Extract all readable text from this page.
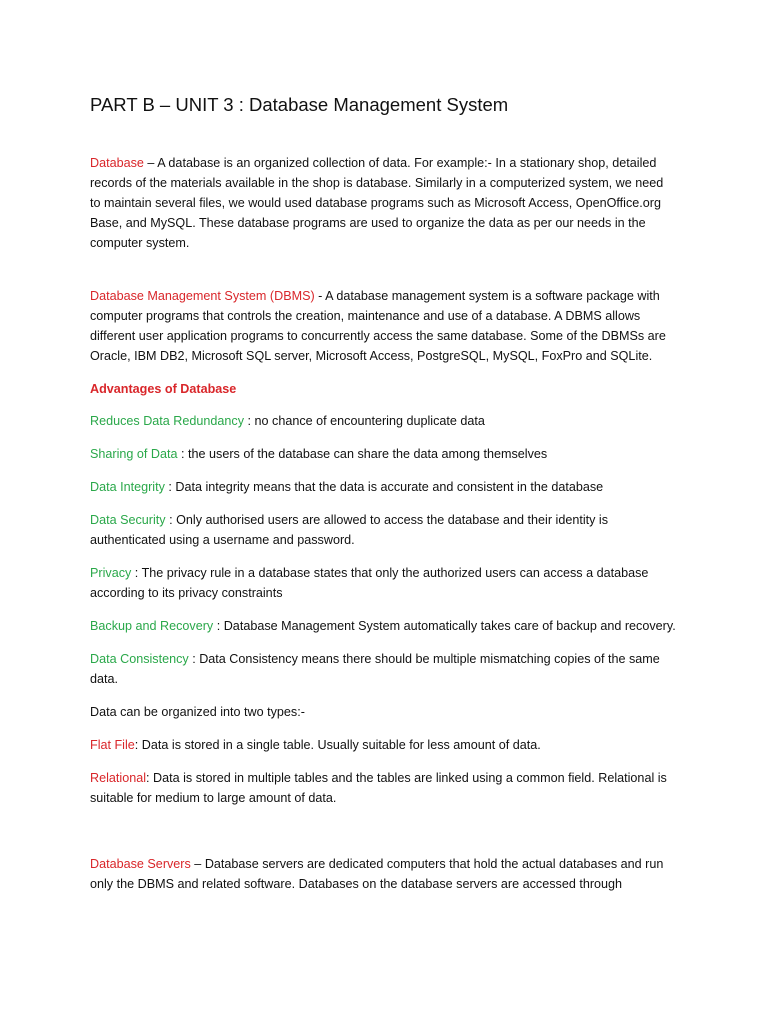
PART B – UNIT 3 : Database Management System

Database – A database is an organized collection of data. For example:- In a stationary shop, detailed
records of the materials available in the shop is database. Similarly in a computerized system, we need
to maintain several files, we would used database programs such as Microsoft Access, OpenOffice.org
Base, and MySQL. These database programs are used to organize the data as per our needs in the
computer system.

Database Management System (DBMS) - A database management system is a software package with
computer programs that controls the creation, maintenance and use of a database. A DBMS allows
different user application programs to concurrently access the same database. Some of the DBMSs are
Oracle, IBM DB2, Microsoft SQL server, Microsoft Access, PostgreSQL, MySQL, FoxPro and SQLite.

Advantages of Database

Reduces Data Redundancy : no chance of encountering duplicate data

Sharing of Data : the users of the database can share the data among themselves

Data Integrity : Data integrity means that the data is accurate and consistent in the database

Data Security : Only authorised users are allowed to access the database and their identity is
authenticated using a username and password.

Privacy : The privacy rule in a database states that only the authorized users can access a database
according to its privacy constraints

Backup and Recovery : Database Management System automatically takes care of backup and recovery.

Data Consistency : Data Consistency means there should be multiple mismatching copies of the same
data.

Data can be organized into two types:-

Flat File: Data is stored in a single table. Usually suitable for less amount of data.

Relational: Data is stored in multiple tables and the tables are linked using a common field. Relational is
suitable for medium to large amount of data.

Database Servers – Database servers are dedicated computers that hold the actual databases and run
only the DBMS and related software. Databases on the database servers are accessed through
